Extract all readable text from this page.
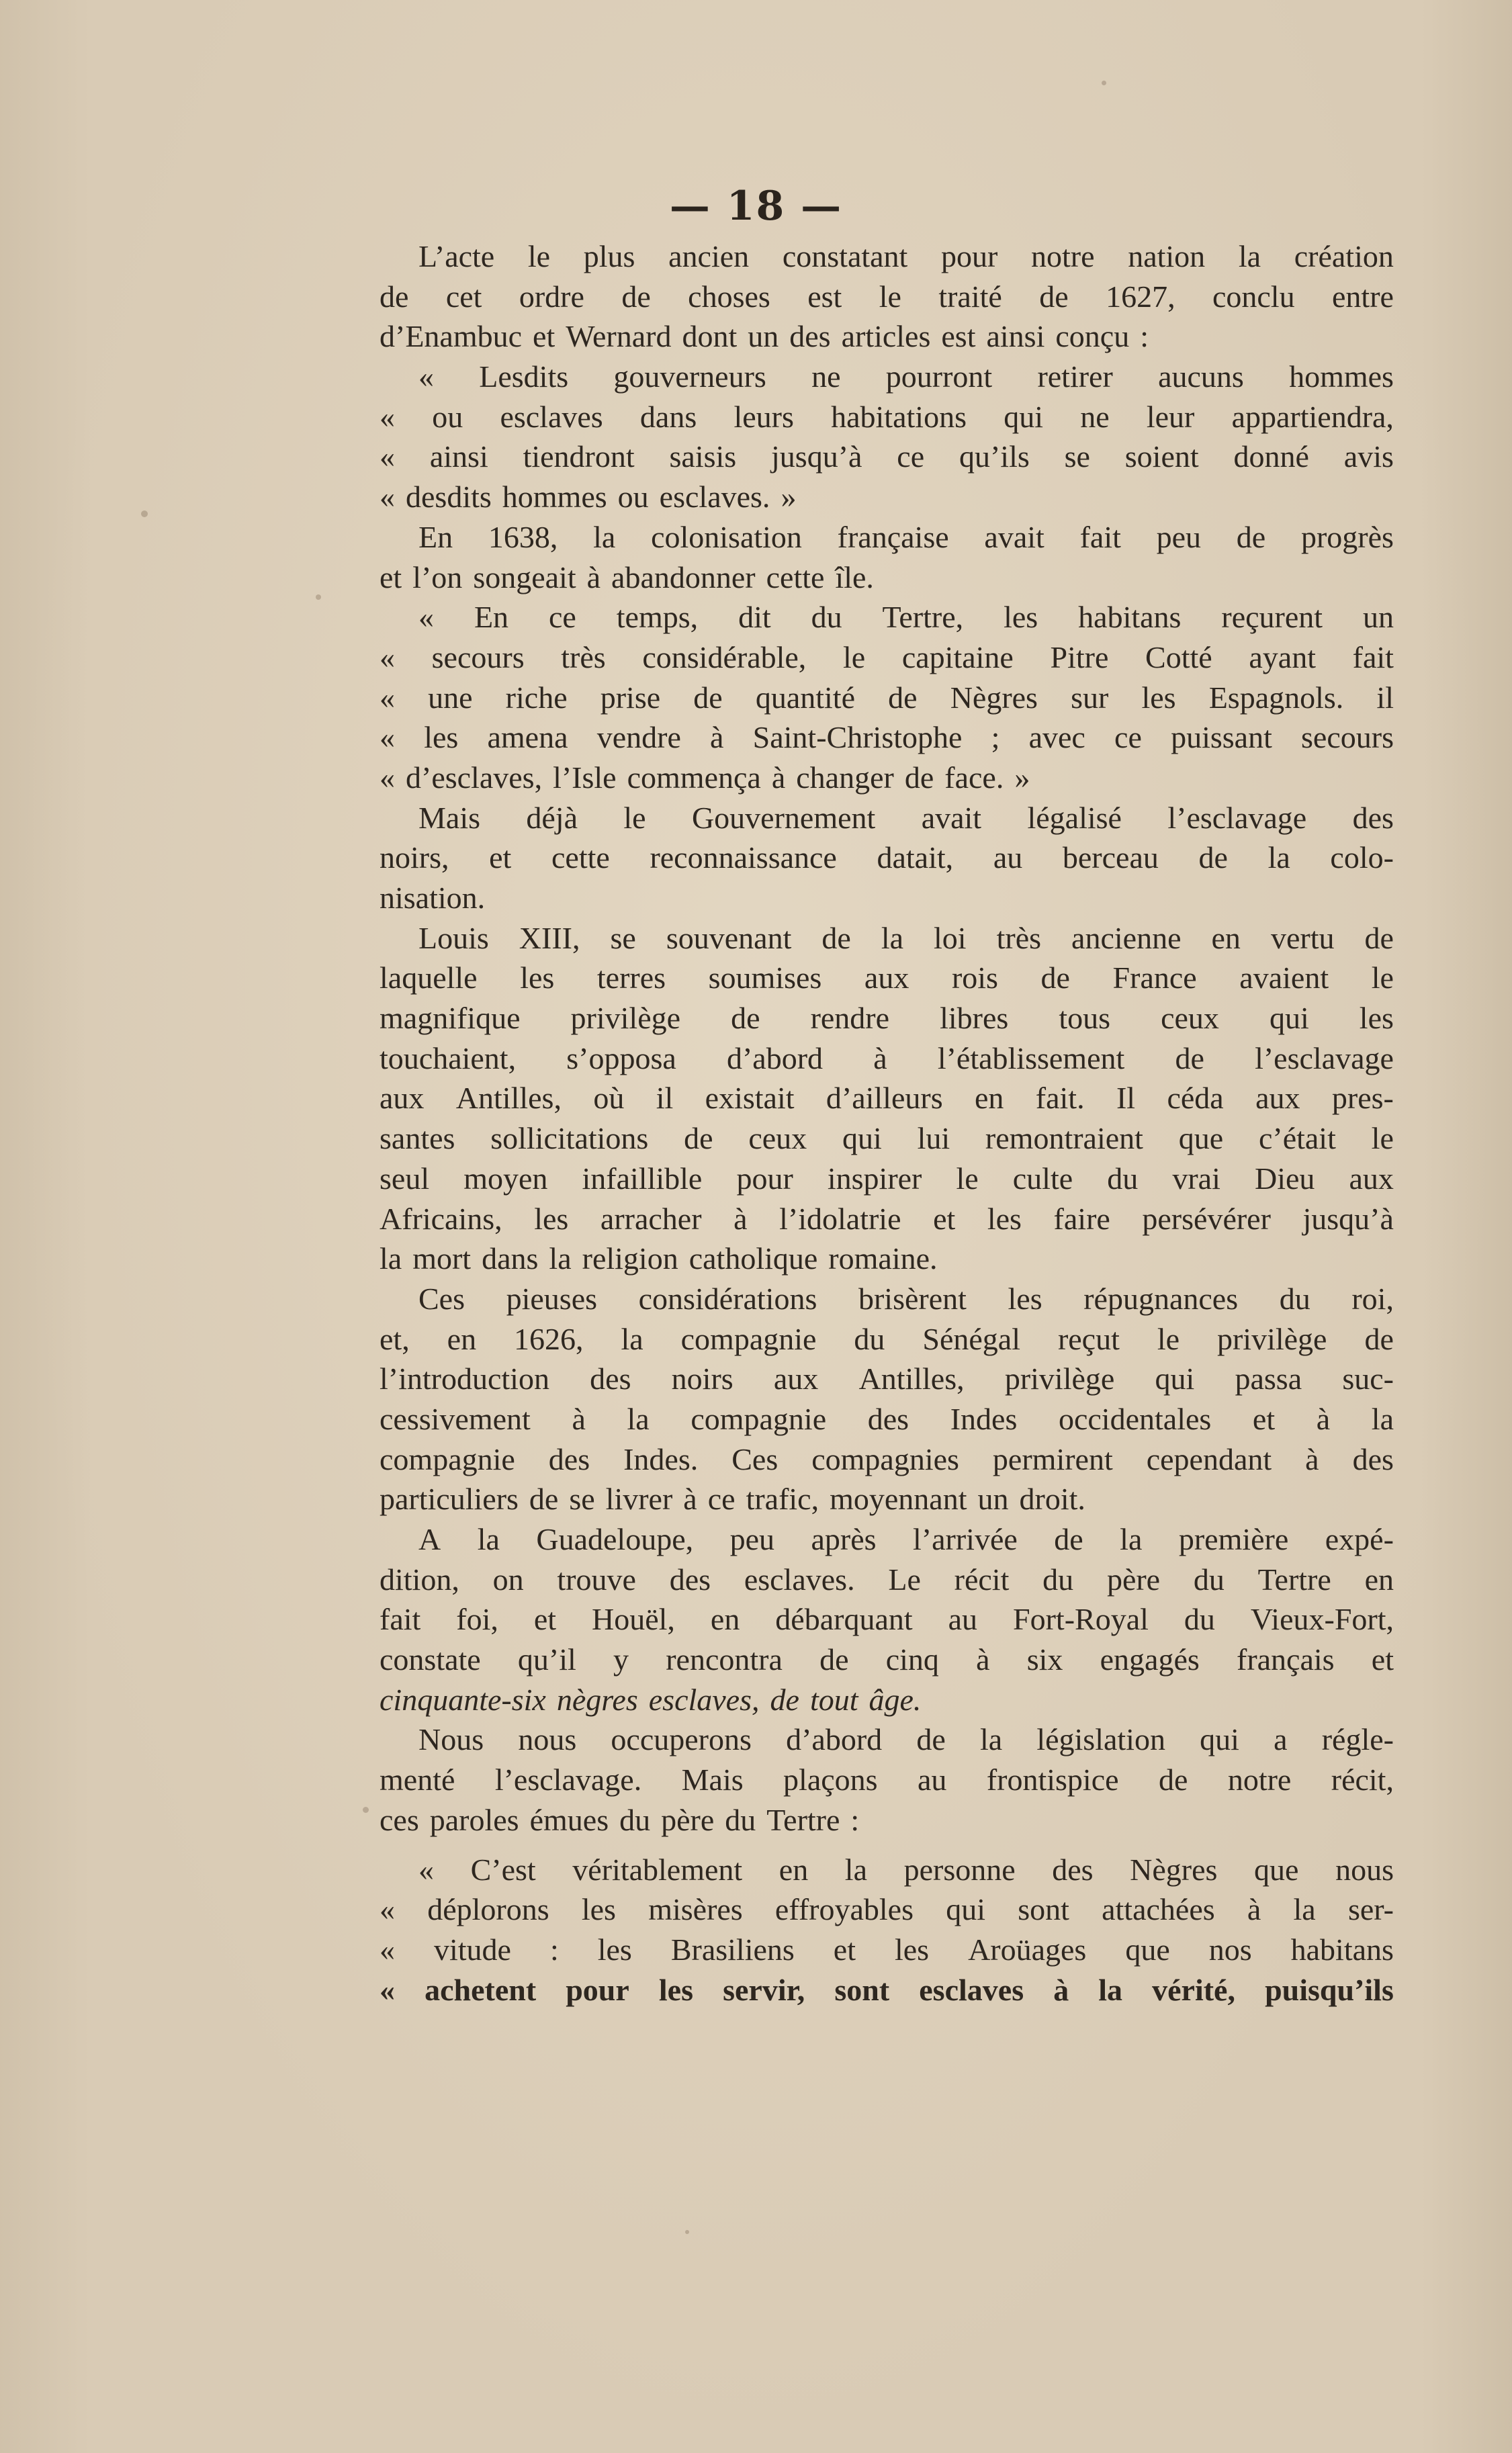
— 18 —
L’acte le plus ancien constatant pour notre nation la création
de cet ordre de choses est le traité de 1627, conclu entre
d’Enambuc et Wernard dont un des articles est ainsi conçu :
« Lesdits gouverneurs ne pourront retirer aucuns hommes
« ou esclaves dans leurs habitations qui ne leur appartiendra,
« ainsi tiendront saisis jusqu’à ce qu’ils se soient donné avis
« desdits hommes ou esclaves. »
En 1638, la colonisation française avait fait peu de progrès
et l’on songeait à abandonner cette île.
« En ce temps, dit du Tertre, les habitans reçurent un
« secours très considérable, le capitaine Pitre Cotté ayant fait
« une riche prise de quantité de Nègres sur les Espagnols. il
« les amena vendre à Saint-Christophe ; avec ce puissant secours
« d’esclaves, l’Isle commença à changer de face. »
Mais déjà le Gouvernement avait légalisé l’esclavage des
noirs, et cette reconnaissance datait, au berceau de la colo-
nisation.
Louis XIII, se souvenant de la loi très ancienne en vertu de
laquelle les terres soumises aux rois de France avaient le
magnifique privilège de rendre libres tous ceux qui les
touchaient, s’opposa d’abord à l’établissement de l’esclavage
aux Antilles, où il existait d’ailleurs en fait. Il céda aux pres-
santes sollicitations de ceux qui lui remontraient que c’était le
seul moyen infaillible pour inspirer le culte du vrai Dieu aux
Africains, les arracher à l’idolatrie et les faire persévérer jusqu’à
la mort dans la religion catholique romaine.
Ces pieuses considérations brisèrent les répugnances du roi,
et, en 1626, la compagnie du Sénégal reçut le privilège de
l’introduction des noirs aux Antilles, privilège qui passa suc-
cessivement à la compagnie des Indes occidentales et à la
compagnie des Indes. Ces compagnies permirent cependant à des
particuliers de se livrer à ce trafic, moyennant un droit.
A la Guadeloupe, peu après l’arrivée de la première expé-
dition, on trouve des esclaves. Le récit du père du Tertre en
fait foi, et Houël, en débarquant au Fort-Royal du Vieux-Fort,
constate qu’il y rencontra de cinq à six engagés français et
cinquante-six nègres esclaves, de tout âge.
Nous nous occuperons d’abord de la législation qui a régle-
menté l’esclavage. Mais plaçons au frontispice de notre récit,
ces paroles émues du père du Tertre :
« C’est véritablement en la personne des Nègres que nous
« déplorons les misères effroyables qui sont attachées à la ser-
« vitude : les Brasiliens et les Aroüages que nos habitans
« achetent pour les servir, sont esclaves à la vérité, puisqu’ils
